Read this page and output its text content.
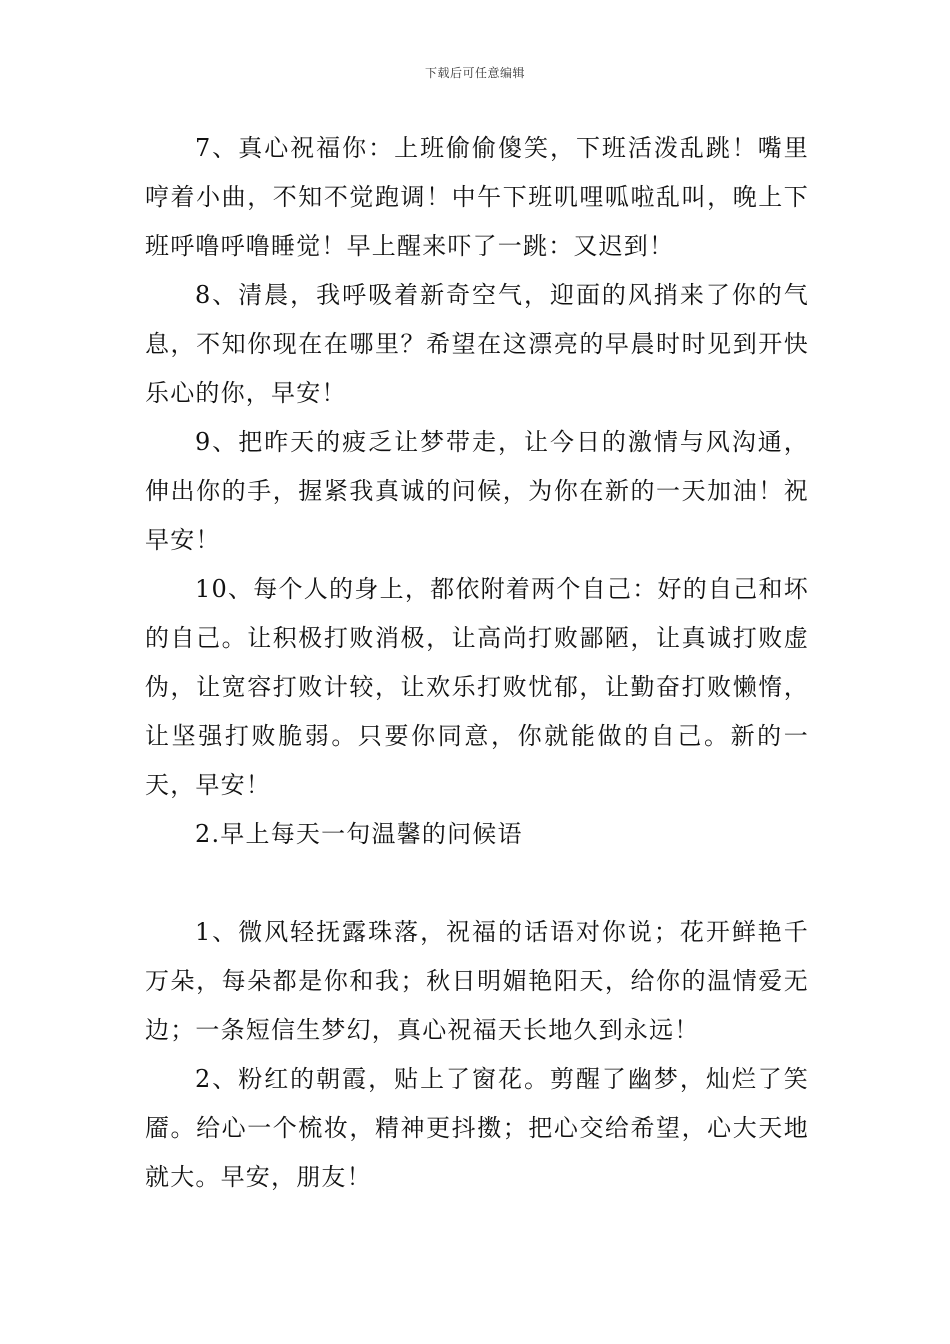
下载后可任意编辑

7、真心祝福你：上班偷偷傻笑，下班活泼乱跳！嘴里哼着小曲，不知不觉跑调！中午下班叽哩呱啦乱叫，晚上下班呼噜呼噜睡觉！早上醒来吓了一跳：又迟到！

8、清晨，我呼吸着新奇空气，迎面的风捎来了你的气息，不知你现在在哪里？希望在这漂亮的早晨时时见到开快乐心的你，早安！

9、把昨天的疲乏让梦带走，让今日的激情与风沟通，伸出你的手，握紧我真诚的问候，为你在新的一天加油！祝早安！

10、每个人的身上，都依附着两个自己：好的自己和坏的自己。让积极打败消极，让高尚打败鄙陋，让真诚打败虚伪，让宽容打败计较，让欢乐打败忧郁，让勤奋打败懒惰，让坚强打败脆弱。只要你同意，你就能做的自己。新的一天，早安！

2.早上每天一句温馨的问候语

1、微风轻抚露珠落，祝福的话语对你说；花开鲜艳千万朵，每朵都是你和我；秋日明媚艳阳天，给你的温情爱无边；一条短信生梦幻，真心祝福天长地久到永远！

2、粉红的朝霞，贴上了窗花。剪醒了幽梦，灿烂了笑靥。给心一个梳妆，精神更抖擞；把心交给希望，心大天地就大。早安，朋友！
